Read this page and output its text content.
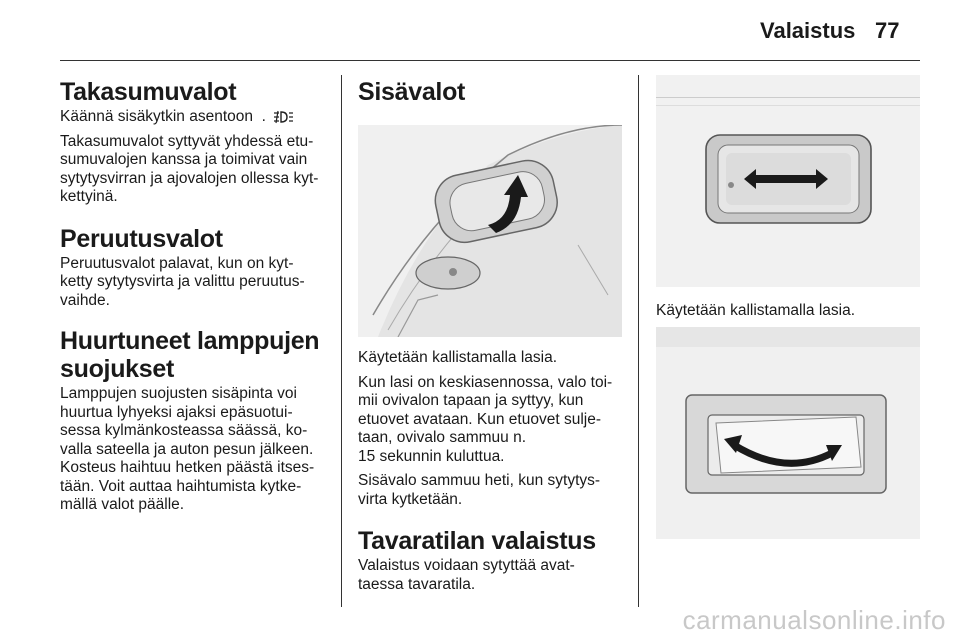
Valaistus 77
Takasumuvalot

Käännä sisäkytkin asentoon  .

Takasumuvalot syttyvät yhdessä etu-

sumuvalojen kanssa ja toimivat vain

sytytysvirran ja ajovalojen ollessa kyt-

kettyinä.

Peruutusvalot

Peruutusvalot palavat, kun on kyt-

ketty sytytysvirta ja valittu peruutus-

vaihde.

Huurtuneet lamppujen
suojukset

Lamppujen suojusten sisäpinta voi

huurtua lyhyeksi ajaksi epäsuotui-

sessa kylmänkosteassa säässä, ko-

valla sateella ja auton pesun jälkeen.

Kosteus haihtuu hetken päästä itses-

tään. Voit auttaa haihtumista kytke-

mällä valot päälle.

Sisävalot

Käytetään kallistamalla lasia.

Kun lasi on keskiasennossa, valo toi-

mii ovivalon tapaan ja syttyy, kun

etuovet avataan. Kun etuovet sulje-

taan, ovivalo sammuu n.

15 sekunnin kuluttua.

Sisävalo sammuu heti, kun sytytys-

virta kytketään.

Tavaratilan valaistus

Valaistus voidaan sytyttää avat-

taessa tavaratila.

Käytetään kallistamalla lasia.

carmanualsonline.info
